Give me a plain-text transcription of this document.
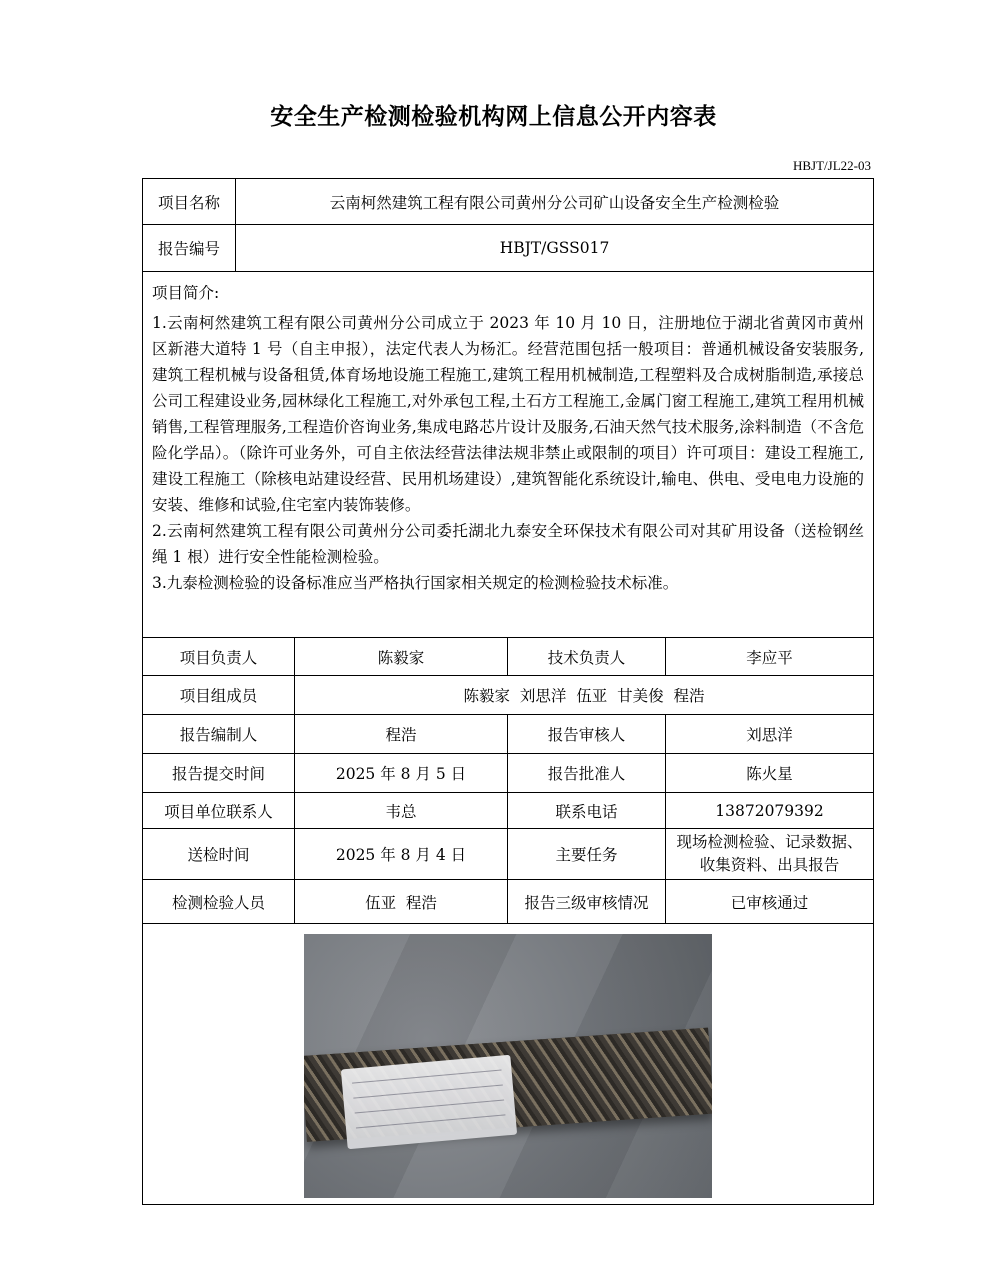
安全生产检测检验机构网上信息公开内容表
HBJT/JL22-03
项目名称	云南柯然建筑工程有限公司黄州分公司矿山设备安全生产检测检验			
报告编号	HBJT/GSS017			

项目简介:
1.云南柯然建筑工程有限公司黄州分公司成立于 2023 年 10 月 10 日，注册地位于湖北省黄冈市黄州区新港大道特 1 号（自主申报），法定代表人为杨汇。经营范围包括一般项目：普通机械设备安装服务,建筑工程机械与设备租赁,体育场地设施工程施工,建筑工程用机械制造,工程塑料及合成树脂制造,承接总公司工程建设业务,园林绿化工程施工,对外承包工程,土石方工程施工,金属门窗工程施工,建筑工程用机械销售,工程管理服务,工程造价咨询业务,集成电路芯片设计及服务,石油天然气技术服务,涂料制造（不含危险化学品）。（除许可业务外，可自主依法经营法律法规非禁止或限制的项目）许可项目：建设工程施工,建设工程施工（除核电站建设经营、民用机场建设）,建筑智能化系统设计,输电、供电、受电电力设施的安装、维修和试验,住宅室内装饰装修。
2.云南柯然建筑工程有限公司黄州分公司委托湖北九泰安全环保技术有限公司对其矿用设备（送检钢丝绳 1 根）进行安全性能检测检验。
3.九泰检测检验的设备标准应当严格执行国家相关规定的检测检验技术标准。				

项目负责人		陈毅家	技术负责人	李应平
项目组成员		陈毅家  刘思洋  伍亚  甘美俊  程浩		
报告编制人		程浩	报告审核人	刘思洋
报告提交时间		2025 年 8 月 5 日	报告批准人	陈火星
项目单位联系人		韦总	联系电话	13872079392
送检时间		2025 年 8 月 4 日	主要任务	现场检测检验、记录数据、收集资料、出具报告
检测检验人员		伍亚  程浩	报告三级审核情况	已审核通过
